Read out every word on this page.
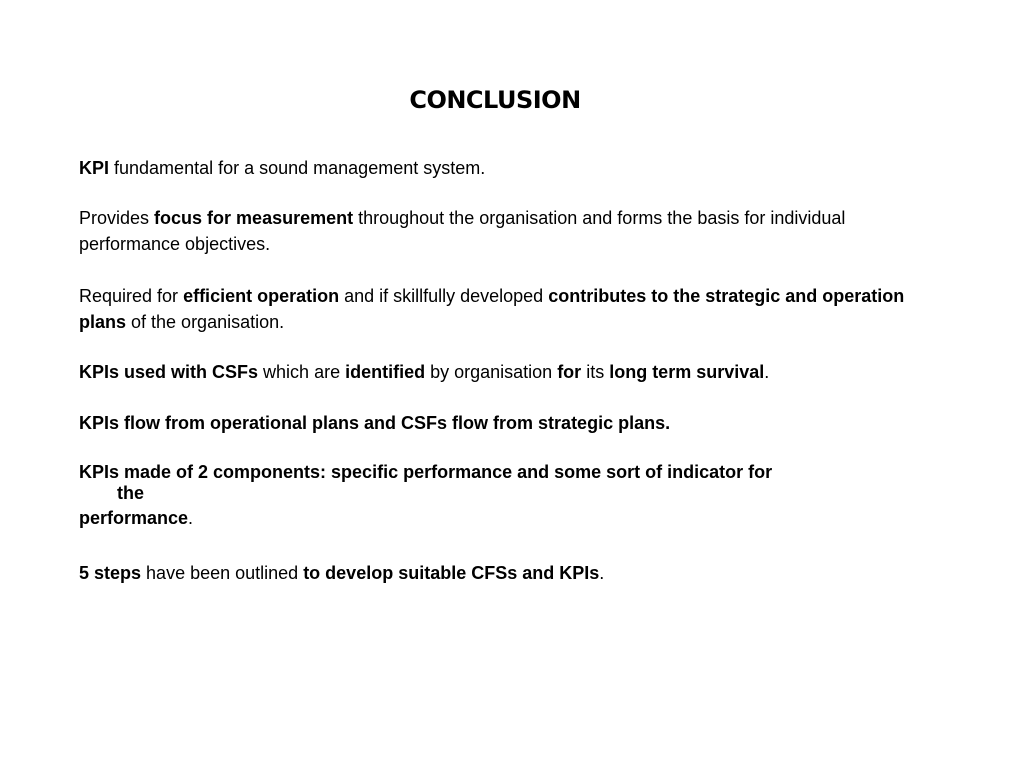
CONCLUSION

KPI fundamental for a sound management system.

Provides focus for measurement throughout the organisation and forms the basis for individual performance objectives.

Required for efficient operation and if skillfully developed contributes to the strategic and operation plans of the organisation.

KPIs used with CSFs which are identified by organisation for its long term survival.

KPIs flow from operational plans and CSFs flow from strategic plans.

KPIs made of 2 components: specific performance and some sort of indicator for
the
performance.

5 steps have been outlined to develop suitable CFSs and KPIs.
